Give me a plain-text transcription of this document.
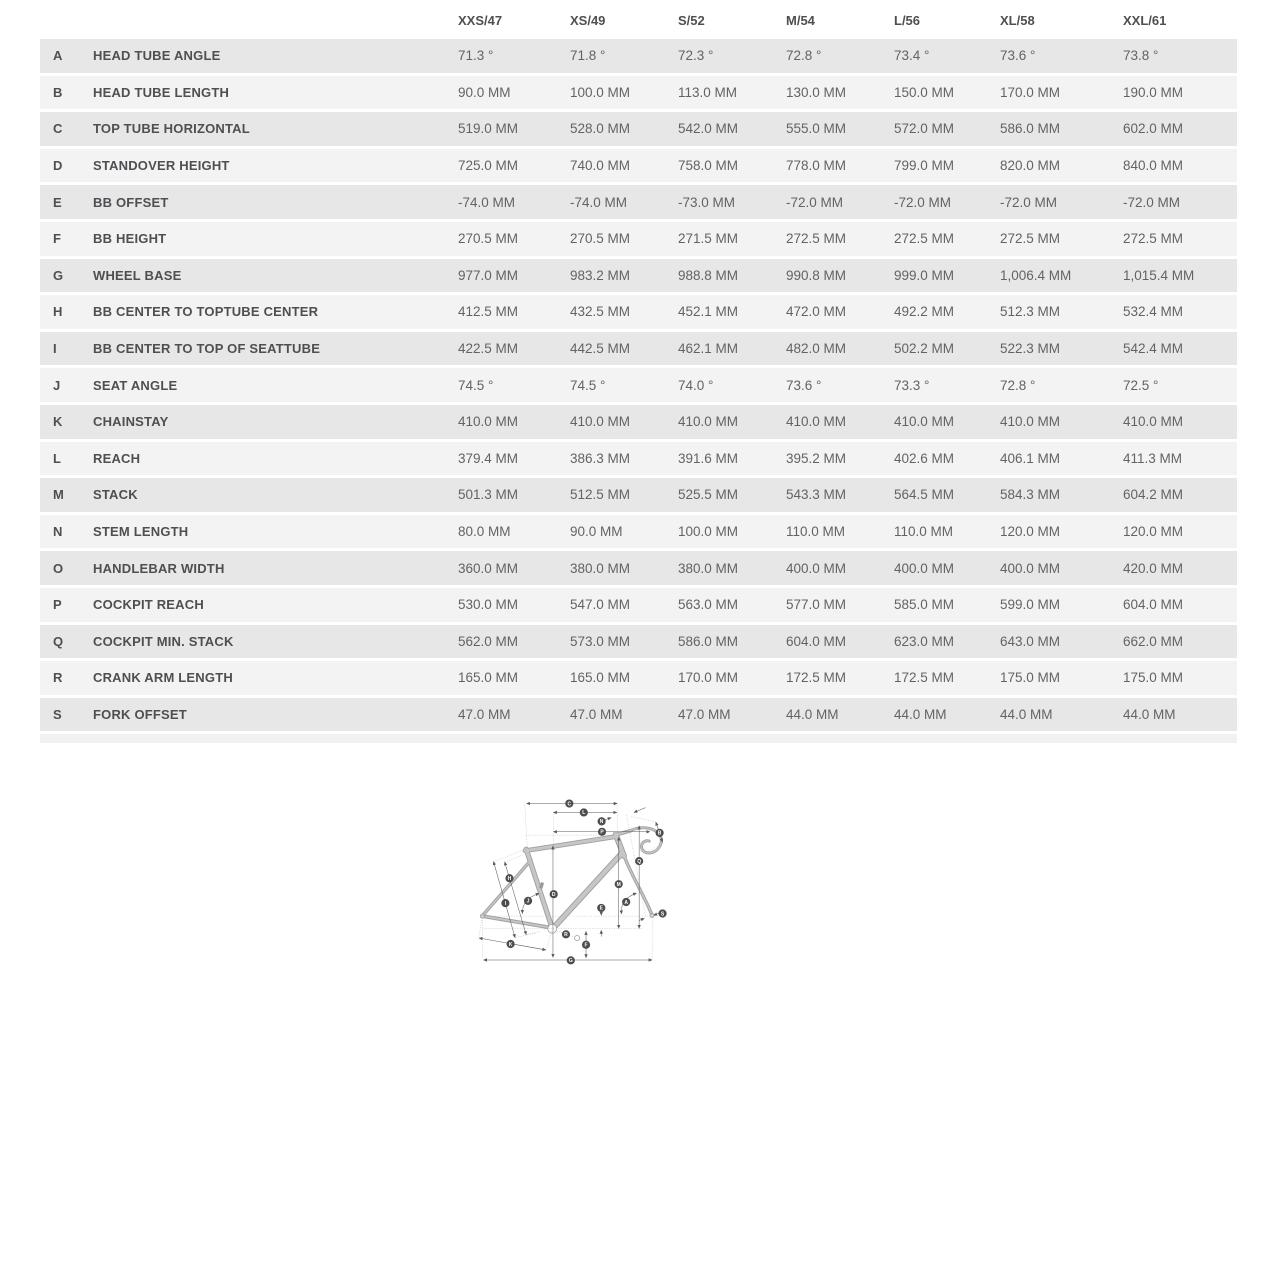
XXS/47	XS/49	S/52	M/54	L/56	XL/58	XXL/61
A	HEAD TUBE ANGLE	71.3 °	71.8 °	72.3 °	72.8 °	73.4 °	73.6 °	73.8 °
B	HEAD TUBE LENGTH	90.0 MM	100.0 MM	113.0 MM	130.0 MM	150.0 MM	170.0 MM	190.0 MM
C	TOP TUBE HORIZONTAL	519.0 MM	528.0 MM	542.0 MM	555.0 MM	572.0 MM	586.0 MM	602.0 MM
D	STANDOVER HEIGHT	725.0 MM	740.0 MM	758.0 MM	778.0 MM	799.0 MM	820.0 MM	840.0 MM
E	BB OFFSET	-74.0 MM	-74.0 MM	-73.0 MM	-72.0 MM	-72.0 MM	-72.0 MM	-72.0 MM
F	BB HEIGHT	270.5 MM	270.5 MM	271.5 MM	272.5 MM	272.5 MM	272.5 MM	272.5 MM
G	WHEEL BASE	977.0 MM	983.2 MM	988.8 MM	990.8 MM	999.0 MM	1,006.4 MM	1,015.4 MM
H	BB CENTER TO TOPTUBE CENTER	412.5 MM	432.5 MM	452.1 MM	472.0 MM	492.2 MM	512.3 MM	532.4 MM
I	BB CENTER TO TOP OF SEATTUBE	422.5 MM	442.5 MM	462.1 MM	482.0 MM	502.2 MM	522.3 MM	542.4 MM
J	SEAT ANGLE	74.5 °	74.5 °	74.0 °	73.6 °	73.3 °	72.8 °	72.5 °
K	CHAINSTAY	410.0 MM	410.0 MM	410.0 MM	410.0 MM	410.0 MM	410.0 MM	410.0 MM
L	REACH	379.4 MM	386.3 MM	391.6 MM	395.2 MM	402.6 MM	406.1 MM	411.3 MM
M	STACK	501.3 MM	512.5 MM	525.5 MM	543.3 MM	564.5 MM	584.3 MM	604.2 MM
N	STEM LENGTH	80.0 MM	90.0 MM	100.0 MM	110.0 MM	110.0 MM	120.0 MM	120.0 MM
O	HANDLEBAR WIDTH	360.0 MM	380.0 MM	380.0 MM	400.0 MM	400.0 MM	400.0 MM	420.0 MM
P	COCKPIT REACH	530.0 MM	547.0 MM	563.0 MM	577.0 MM	585.0 MM	599.0 MM	604.0 MM
Q	COCKPIT MIN. STACK	562.0 MM	573.0 MM	586.0 MM	604.0 MM	623.0 MM	643.0 MM	662.0 MM
R	CRANK ARM LENGTH	165.0 MM	165.0 MM	170.0 MM	172.5 MM	172.5 MM	175.0 MM	175.0 MM
S	FORK OFFSET	47.0 MM	47.0 MM	47.0 MM	44.0 MM	44.0 MM	44.0 MM	44.0 MM
A
B
C
D
E
F
G
H
I J
K
L
M
N
P
Q
R
S
